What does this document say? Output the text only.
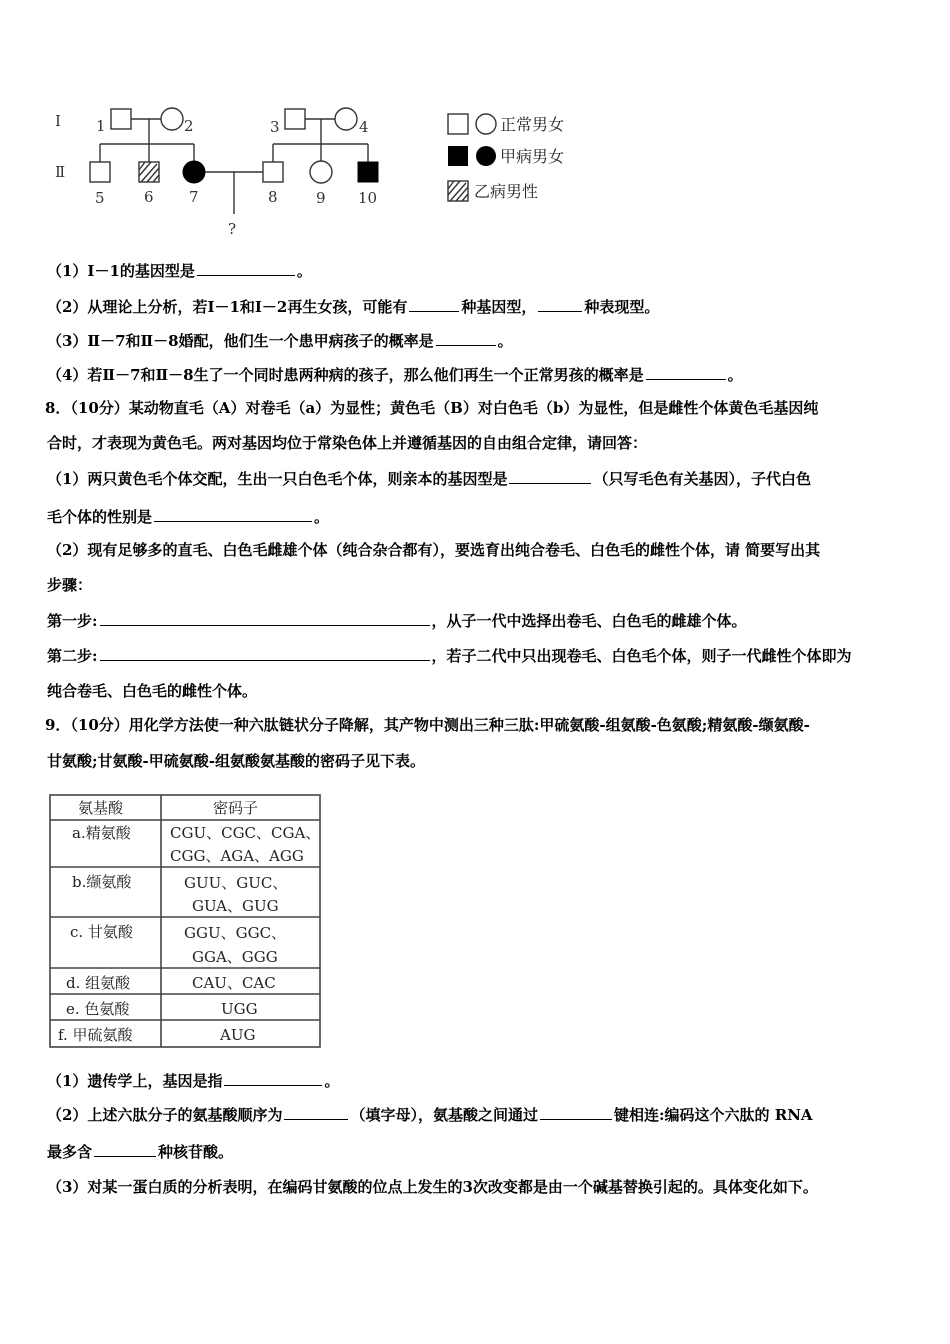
Ⅰ
Ⅱ
1	2	3	4
5	6 7	8	9 10
?
正常男女
甲病男女
乙病男性
（1）Ⅰ－1的基因型是	。
（2）从理论上分析，若Ⅰ－1和Ⅰ－2再生女孩，可能有	种基因型，	种表现型。
（3）Ⅱ－7和Ⅱ－8婚配，他们生一个患甲病孩子的概率是	。
（4）若Ⅱ－7和Ⅱ－8生了一个同时患两种病的孩子，那么他们再生一个正常男孩的概率是	。
8．（10分）某动物直毛（A）对卷毛（a）为显性；黄色毛（B）对白色毛（b）为显性，但是雌性个体黄色毛基因纯
合时，才表现为黄色毛。两对基因均位于常染色体上并遵循基因的自由组合定律，请回答：
（1）两只黄色毛个体交配，生出一只白色毛个体，则亲本的基因型是	（只写毛色有关基因），子代白色
毛个体的性别是	。
（2）现有足够多的直毛、白色毛雌雄个体（纯合杂合都有），要选育出纯合卷毛、白色毛的雌性个体，请 简要写出其
步骤：
第一步:	，从子一代中选择出卷毛、白色毛的雌雄个体。
第二步:	，若子二代中只出现卷毛、白色毛个体，则子一代雌性个体即为
纯合卷毛、白色毛的雌性个体。
9．（10分）用化学方法使一种六肽链状分子降解，其产物中测出三种三肽:甲硫氨酸-组氨酸-色氨酸;精氨酸-缬氨酸-
甘氨酸;甘氨酸-甲硫氨酸-组氨酸氨基酸的密码子见下表。
氨基酸	密码子
a.精氨酸	CGU、CGC、CGA、
CGG、AGA、AGG
b.缬氨酸	GUU、GUC、
GUA、GUG
c. 甘氨酸	GGU、GGC、
GGA、GGG
d. 组氨酸	CAU、CAC
e. 色氨酸	UGG
f. 甲硫氨酸	AUG
（1）遗传学上，基因是指	。
（2）上述六肽分子的氨基酸顺序为	（填字母），氨基酸之间通过	键相连:编码这个六肽的 RNA
最多含	种核苷酸。
（3）对某一蛋白质的分析表明，在编码甘氨酸的位点上发生的3次改变都是由一个碱基替换引起的。具体变化如下。
